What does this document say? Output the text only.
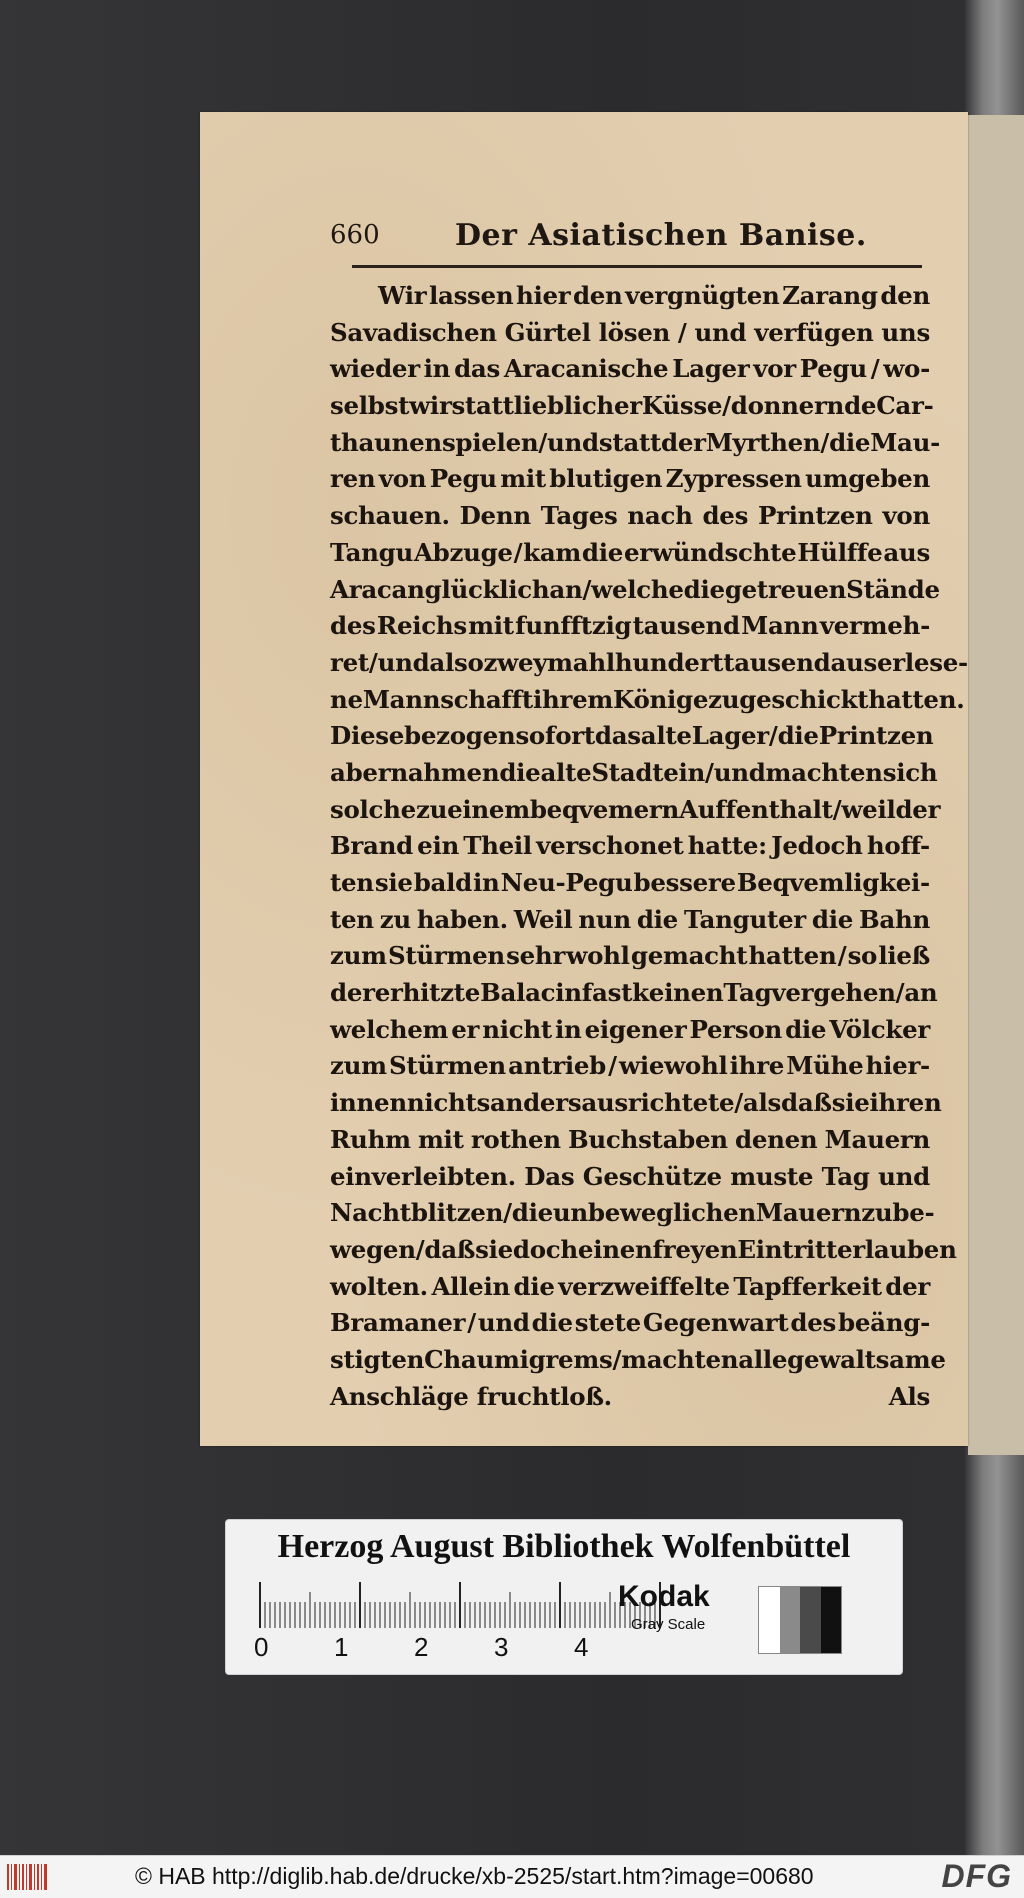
660	Der Asiatischen Banise.
Wir lassen hier den vergnügten Zarang den
Savadischen Gürtel lösen / und verfügen uns
wieder in das Aracanische Lager vor Pegu / wo-
selbst wir statt lieblicher Küsse / donnernde Car-
thaunen spielen/ und statt der Myrthen/ die Mau-
ren von Pegu mit blutigen Zypressen umgeben
schauen. Denn Tages nach des Printzen von
Tangu Abzuge / kam die erwündschte Hülffe aus
Aracan glücklich an/ welche die getreuen Stände
des Reichs mit funfftzig tausend Mann vermeh-
ret/ und also zweymahl hundert tausend auserlese-
ne Mannschafft ihrem Könige zugeschickt hatten.
Diese bezogen so fort das alte Lager / die Printzen
aber nahmen die alte Stadt ein/ und machten sich
solche zu einem beqvemern Auffenthalt / weil der
Brand ein Theil verschonet hatte: Jedoch hoff-
ten sie bald in Neu-Pegu bessere Beqvemligkei-
ten zu haben. Weil nun die Tanguter die Bahn
zum Stürmen sehr wohl gemacht hatten / so ließ
der erhitzte Balacin fast keinen Tag vergehen/ an
welchem er nicht in eigener Person die Völcker
zum Stürmen antrieb / wiewohl ihre Mühe hier-
innen nichts anders ausrichtete / als daß sie ihren
Ruhm mit rothen Buchstaben denen Mauern
einverleibten. Das Geschütze muste Tag und
Nacht blitzen / die unbeweglichen Mauern zu be-
wegen / daß sie doch einen freyen Eintritt erlauben
wolten. Allein die verzweiffelte Tapfferkeit der
Bramaner / und die stete Gegenwart des beäng-
stigten Chaumigrems / machten alle gewaltsame
Anschläge fruchtloß.	Als
Herzog August Bibliothek Wolfenbüttel
0	1	2	3	4
Kodak
Gray Scale
© HAB http://diglib.hab.de/drucke/xb-2525/start.htm?image=00680	DFG
